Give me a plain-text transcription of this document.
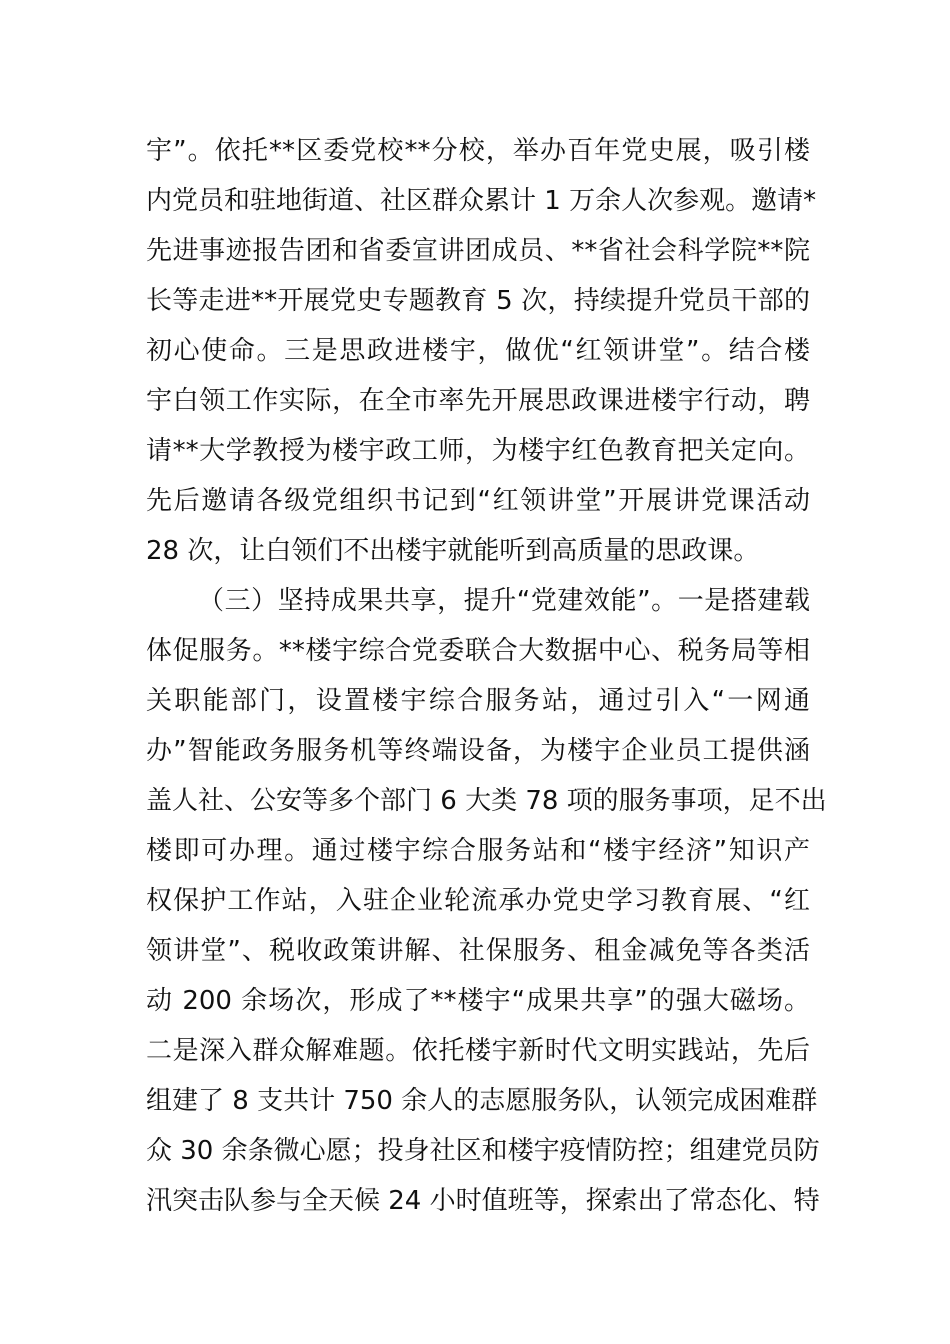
宇”。依托**区委党校**分校，举办百年党史展，吸引楼
内党员和驻地街道、社区群众累计 1 万余人次参观。邀请*
先进事迹报告团和省委宣讲团成员、**省社会科学院**院
长等走进**开展党史专题教育 5 次，持续提升党员干部的
初心使命。三是思政进楼宇，做优“红领讲堂”。结合楼
宇白领工作实际，在全市率先开展思政课进楼宇行动，聘
请**大学教授为楼宇政工师，为楼宇红色教育把关定向。
先后邀请各级党组织书记到“红领讲堂”开展讲党课活动
28 次，让白领们不出楼宇就能听到高质量的思政课。
（三）坚持成果共享，提升“党建效能”。一是搭建载
体促服务。**楼宇综合党委联合大数据中心、税务局等相
关职能部门，设置楼宇综合服务站，通过引入“一网通
办”智能政务服务机等终端设备，为楼宇企业员工提供涵
盖人社、公安等多个部门 6 大类 78 项的服务事项，足不出
楼即可办理。通过楼宇综合服务站和“楼宇经济”知识产
权保护工作站，入驻企业轮流承办党史学习教育展、“红
领讲堂”、税收政策讲解、社保服务、租金减免等各类活
动 200 余场次，形成了**楼宇“成果共享”的强大磁场。
二是深入群众解难题。依托楼宇新时代文明实践站，先后
组建了 8 支共计 750 余人的志愿服务队，认领完成困难群
众 30 余条微心愿；投身社区和楼宇疫情防控；组建党员防
汛突击队参与全天候 24 小时值班等，探索出了常态化、特
